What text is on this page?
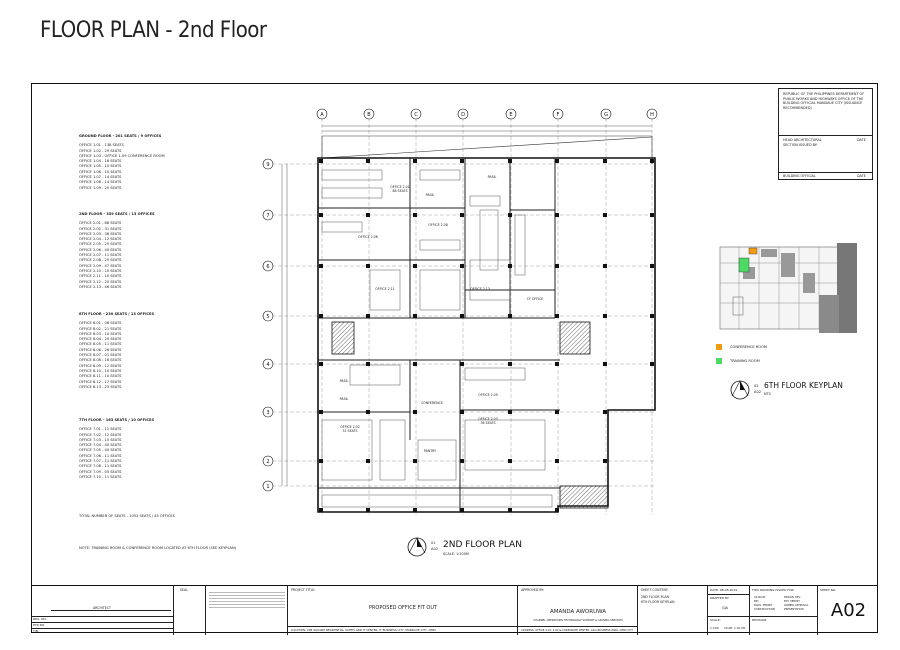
FLOOR PLAN - 2nd Floor
REPUBLIC OF THE PHILIPPINES DEPARTMENT OF PUBLIC WORKS AND HIGHWAYS OFFICE OF THE BUILDING OFFICIAL MANDAUE CITY (ISSUANCE RECOMMENDED)
HEAD ARCHITECTURAL SECTION ISSUED BY:
DATE
BUILDING OFFICIAL	DATE
GROUND FLOOR - 201 SEATS / 9 OFFICES
OFFICE 1.01 - 138 SEATS
OFFICE 1.02 - 29 SEATS
OFFICE 1.03 - OFFICE 1.09 CONFERENCE ROOM
OFFICE 1.04 - 16 SEATS
OFFICE 1.05 - 10 SEATS
OFFICE 1.06 - 10 SEATS
OFFICE 1.07 - 14 SEATS
OFFICE 1.08 - 14 SEATS
OFFICE 1.09 - 20 SEATS
2ND FLOOR - 359 SEATS / 13 OFFICES
OFFICE 2.01 - 88 SEATS
OFFICE 2.02 - 31 SEATS
OFFICE 2.03 - 36 SEATS
OFFICE 2.04 - 12 SEATS
OFFICE 2.05 - 25 SEATS
OFFICE 2.06 - 40 SEATS
OFFICE 2.07 - 11 SEATS
OFFICE 2.08 - 25 SEATS
OFFICE 2.09 - 47 SEATS
OFFICE 2.10 - 10 SEATS
OFFICE 2.11 - 10 SEATS
OFFICE 2.12 - 20 SEATS
OFFICE 2.13 - 46 SEATS
8TH FLOOR - 230 SEATS / 13 OFFICES
OFFICE 8.01 - 08 SEATS
OFFICE 8.02 - 21 SEATS
OFFICE 8.03 - 10 SEATS
OFFICE 8.04 - 20 SEATS
OFFICE 8.05 - 11 SEATS
OFFICE 8.06 - 26 SEATS
OFFICE 8.07 - 01 SEATS
OFFICE 8.08 - 16 SEATS
OFFICE 8.09 - 12 SEATS
OFFICE 8.10 - 10 SEATS
OFFICE 8.11 - 10 SEATS
OFFICE 8.12 - 17 SEATS
OFFICE 8.13 - 25 SEATS
7TH FLOOR - 163 SEATS / 10 OFFICES
OFFICE 7.01 - 12 SEATS
OFFICE 7.02 - 12 SEATS
OFFICE 7.03 - 10 SEATS
OFFICE 7.04 - 40 SEATS
OFFICE 7.05 - 40 SEATS
OFFICE 7.06 - 11 SEATS
OFFICE 7.07 - 11 SEATS
OFFICE 7.08 - 11 SEATS
OFFICE 7.09 - 05 SEATS
OFFICE 7.10 - 11 SEATS
TOTAL NUMBER OF SEATS - 1053 SEATS / 45 OFFICES
NOTE: TRAINING ROOM & CONFERENCE ROOM LOCATED AT 6TH FLOOR (SEE KEYPLAN)
A	B	C	D	E	F	G	H
9
7
6
5
4
3
2
1
OFFICE 2.01 88 SEATS
OFFICE 2.06
OFFICE 2.08
OFFICE 2.11	OFFICE 2.13
CF OFFICE
CONFERENCE
PANTRY
OFFICE 2.02 31 SEATS
OFFICE 2.03 36 SEATS
OFFICE 2.09
PASIL
PASIL
PASIL
PASIL
01
A02 2ND FLOOR PLAN
SCALE: 1:200M
CONFERENCE ROOM
TRAINING ROOM
02
A02
6TH FLOOR KEYPLAN
NTS
ARCHITECT
REG. NO.
PTR NO.
TIN
SEAL	PROJECT TITLE:
PROPOSED OFFICE FIT OUT
LOCATION: 208 SQUARE RESIDENTIAL SUITES AND IT CENTER, IT BUSINESS CITY, MANDAUE CITY, CEBU
APPROVED BY:
AMANDA AWORUWA
CHANNEL OPERATIONS TECHNOLOGY SUPPORT & LEASING SERVICES
ADDRESS: OFFICE 4.01, 4.02 & CORPORATE CENTER, ASIA BUSINESS PARK, CEBU CITY
SHEET CONTENT:
2ND FLOOR PLAN
6TH FLOOR KEYPLAN
DATE: 08-08-2019
DRAFTED BY:
GJA
SCALE:
1:200 20.0ft. x 20.0ft.
THIS DRAWING ISSUED FOR:
AS BUILT
BID
BLDG. PERMIT
CONSTRUCTION
DESIGN DEV.
EST. PERMIT
OWNER APPROVAL
PRESENTATION
REVISION
SHEET NO.
A02
